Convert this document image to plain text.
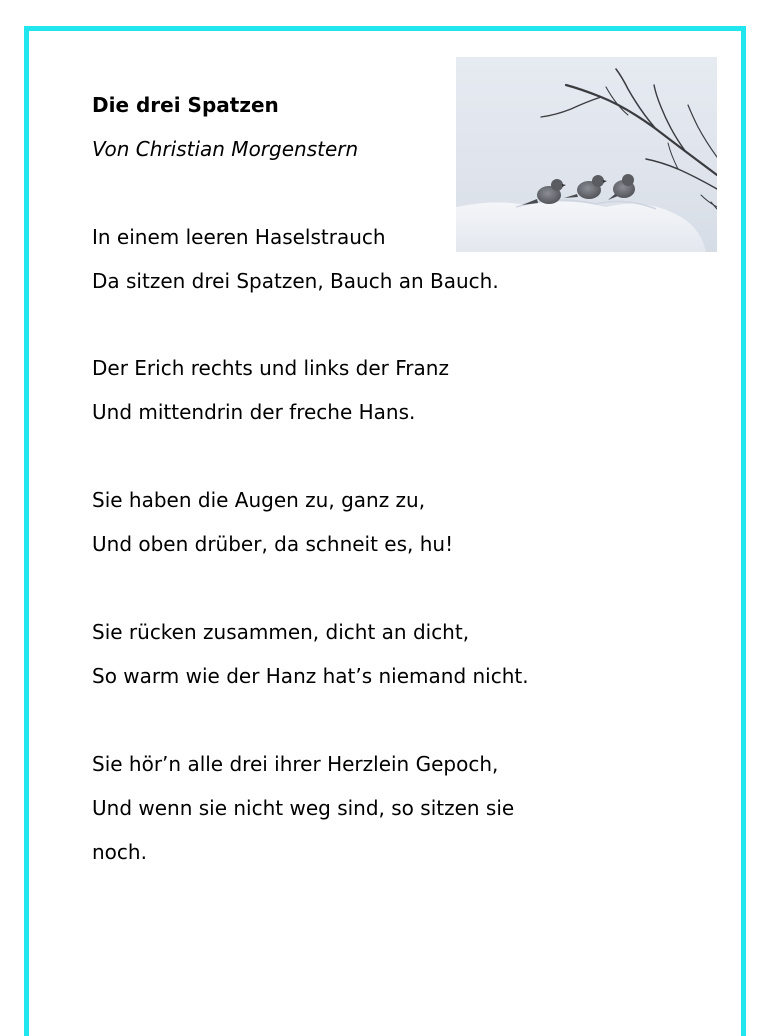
Die drei Spatzen
Von Christian Morgenstern
In einem leeren Haselstrauch
Da sitzen drei Spatzen, Bauch an Bauch.
Der Erich rechts und links der Franz
Und mittendrin der freche Hans.
Sie haben die Augen zu, ganz zu,
Und oben drüber, da schneit es, hu!
Sie rücken zusammen, dicht an dicht,
So warm wie der Hanz hat’s niemand nicht.
Sie hör’n alle drei ihrer Herzlein Gepoch,
Und wenn sie nicht weg sind, so sitzen sie
noch.
